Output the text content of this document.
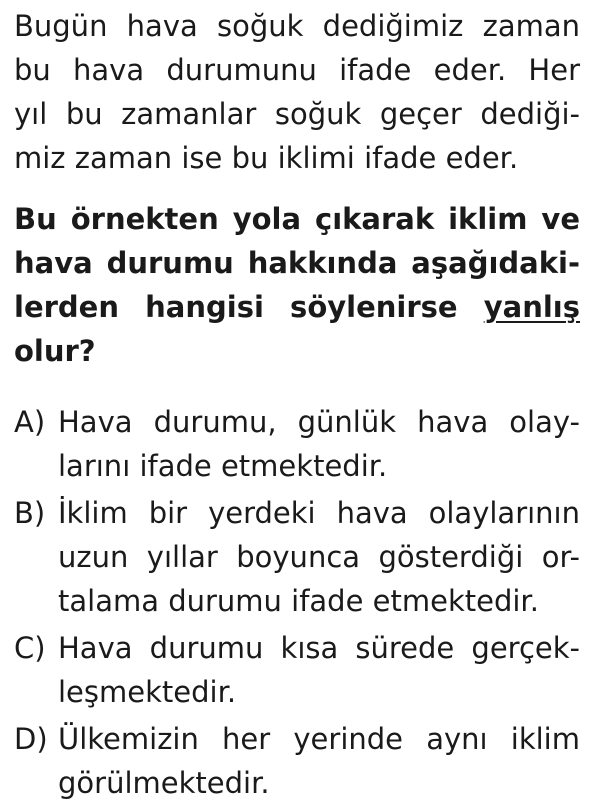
Bugün hava soğuk dediğimiz zaman
bu hava durumunu ifade eder. Her
yıl bu zamanlar soğuk geçer dediği-
miz zaman ise bu iklimi ifade eder.
Bu örnekten yola çıkarak iklim ve
hava durumu hakkında aşağıdaki-
lerden hangisi söylenirse yanlış
olur?
A) Hava durumu, günlük hava olay-
larını ifade etmektedir.
B) İklim bir yerdeki hava olaylarının
uzun yıllar boyunca gösterdiği or-
talama durumu ifade etmektedir.
C) Hava durumu kısa sürede gerçek-
leşmektedir.
D) Ülkemizin her yerinde aynı iklim
görülmektedir.
